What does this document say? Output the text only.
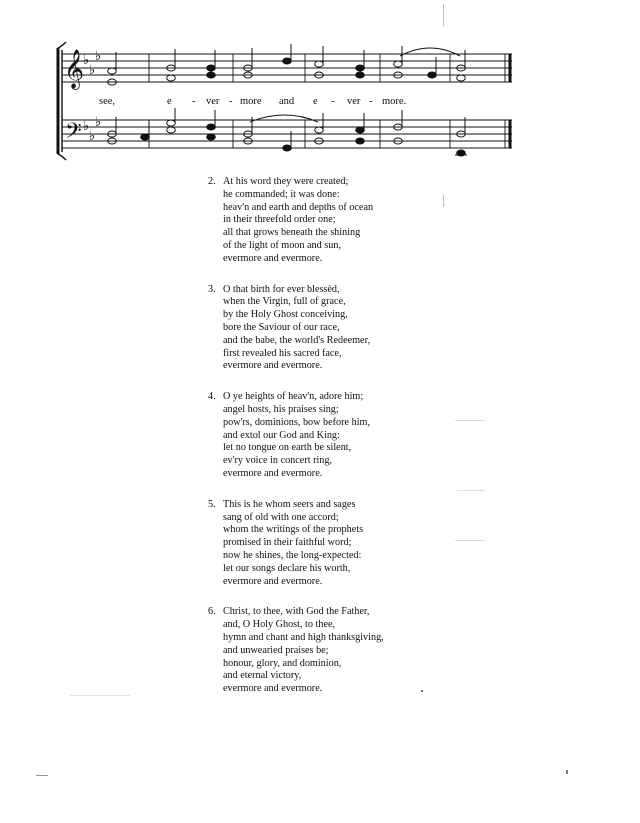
𝄞
𝄢
♭
♭
♭
♭
♭
♭
see,	e - ver - more and e - ver - more.
2. At his word they were created;
he commanded; it was done:
heav'n and earth and depths of ocean
in their threefold order one;
all that grows beneath the shining
of the light of moon and sun,
evermore and evermore.
3. O that birth for ever blessèd,
when the Virgin, full of grace,
by the Holy Ghost conceiving,
bore the Saviour of our race,
and the babe, the world's Redeemer,
first revealed his sacred face,
evermore and evermore.
4. O ye heights of heav'n, adore him;
angel hosts, his praises sing;
pow'rs, dominions, bow before him,
and extol our God and King:
let no tongue on earth be silent,
ev'ry voice in concert ring,
evermore and evermore.
5. This is he whom seers and sages
sang of old with one accord;
whom the writings of the prophets
promised in their faithful word;
now he shines, the long-expected:
let our songs declare his worth,
evermore and evermore.
6. Christ, to thee, with God the Father,
and, O Holy Ghost, to thee,
hymn and chant and high thanksgiving,
and unwearied praises be;
honour, glory, and dominion,
and eternal victory,
evermore and evermore.
